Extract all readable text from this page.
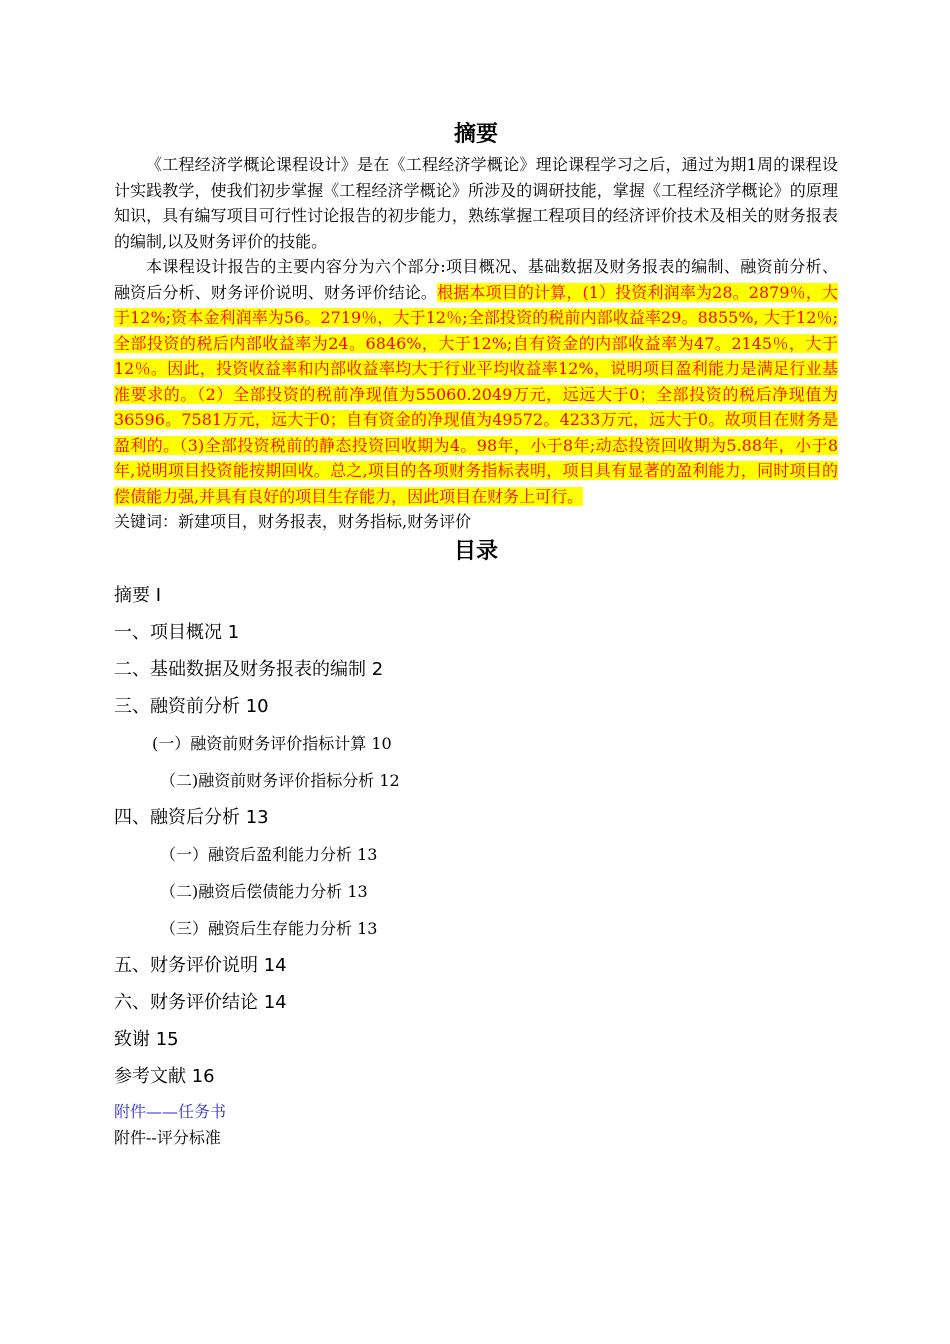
摘要

《工程经济学概论课程设计》是在《工程经济学概论》理论课程学习之后，通过为期1周的课程设计实践教学，使我们初步掌握《工程经济学概论》所涉及的调研技能，掌握《工程经济学概论》的原理知识，具有编写项目可行性讨论报告的初步能力，熟练掌握工程项目的经济评价技术及相关的财务报表的编制,以及财务评价的技能。

本课程设计报告的主要内容分为六个部分:项目概况、基础数据及财务报表的编制、融资前分析、融资后分析、财务评价说明、财务评价结论。根据本项目的计算，(1）投资利润率为28。2879％，大于12%;资本金利润率为56。2719％，大于12％;全部投资的税前内部收益率29。8855%, 大于12％;全部投资的税后内部收益率为24。6846%，大于12%;自有资金的内部收益率为47。2145％，大于12％。因此，投资收益率和内部收益率均大于行业平均收益率12%，说明项目盈利能力是满足行业基准要求的。（2）全部投资的税前净现值为55060.2049万元，远远大于0；全部投资的税后净现值为36596。7581万元，远大于0；自有资金的净现值为49572。4233万元，远大于0。故项目在财务是盈利的。（3)全部投资税前的静态投资回收期为4。98年，小于8年;动态投资回收期为5.88年，小于8年,说明项目投资能按期回收。总之,项目的各项财务指标表明，项目具有显著的盈利能力，同时项目的偿债能力强,并具有良好的项目生存能力，因此项目在财务上可行。

关键词：新建项目，财务报表，财务指标,财务评价

目录
摘要 I
一、项目概况 1
二、基础数据及财务报表的编制 2
三、融资前分析 10
(一）融资前财务评价指标计算 10
（二)融资前财务评价指标分析 12
四、融资后分析 13
（一）融资后盈利能力分析 13
（二)融资后偿债能力分析 13
（三）融资后生存能力分析 13
五、财务评价说明 14
六、财务评价结论 14
致谢 15
参考文献 16

附件——任务书

附件--评分标准
